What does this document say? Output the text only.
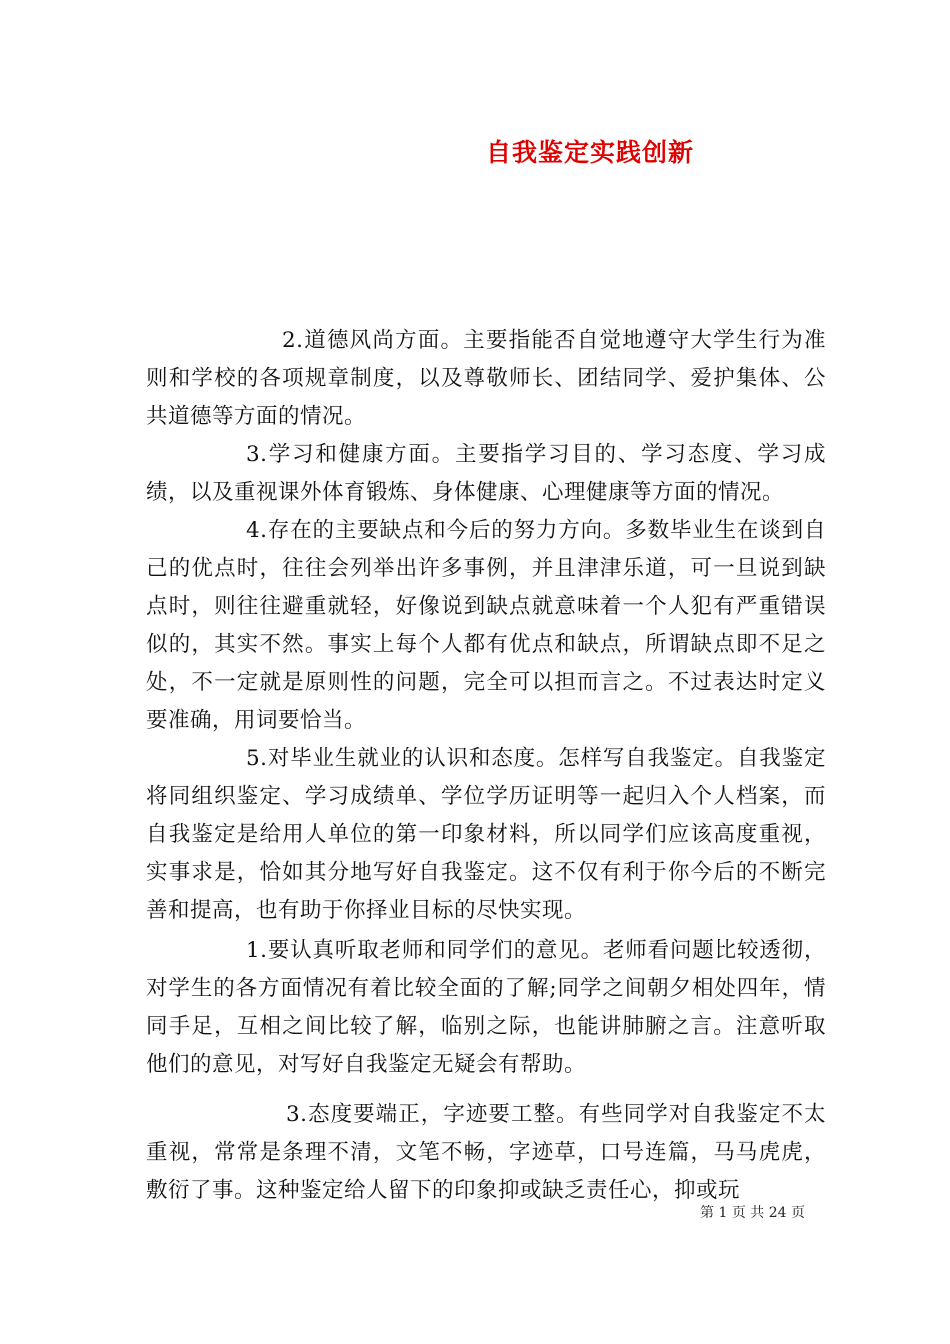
自我鉴定实践创新

2.道德风尚方面。主要指能否自觉地遵守大学生行为准则和学校的各项规章制度，以及尊敬师长、团结同学、爱护集体、公共道德等方面的情况。

3.学习和健康方面。主要指学习目的、学习态度、学习成绩，以及重视课外体育锻炼、身体健康、心理健康等方面的情况。

4.存在的主要缺点和今后的努力方向。多数毕业生在谈到自己的优点时，往往会列举出许多事例，并且津津乐道，可一旦说到缺点时，则往往避重就轻，好像说到缺点就意味着一个人犯有严重错误似的，其实不然。事实上每个人都有优点和缺点，所谓缺点即不足之处，不一定就是原则性的问题，完全可以担而言之。不过表达时定义要准确，用词要恰当。

5.对毕业生就业的认识和态度。怎样写自我鉴定。自我鉴定将同组织鉴定、学习成绩单、学位学历证明等一起归入个人档案，而自我鉴定是给用人单位的第一印象材料，所以同学们应该高度重视，实事求是，恰如其分地写好自我鉴定。这不仅有利于你今后的不断完善和提高，也有助于你择业目标的尽快实现。

1.要认真听取老师和同学们的意见。老师看问题比较透彻，对学生的各方面情况有着比较全面的了解;同学之间朝夕相处四年，情同手足，互相之间比较了解，临别之际，也能讲肺腑之言。注意听取他们的意见，对写好自我鉴定无疑会有帮助。

3.态度要端正，字迹要工整。有些同学对自我鉴定不太重视，常常是条理不清，文笔不畅，字迹草，口号连篇，马马虎虎，敷衍了事。这种鉴定给人留下的印象抑或缺乏责任心，抑或玩

第 1 页 共 24 页
